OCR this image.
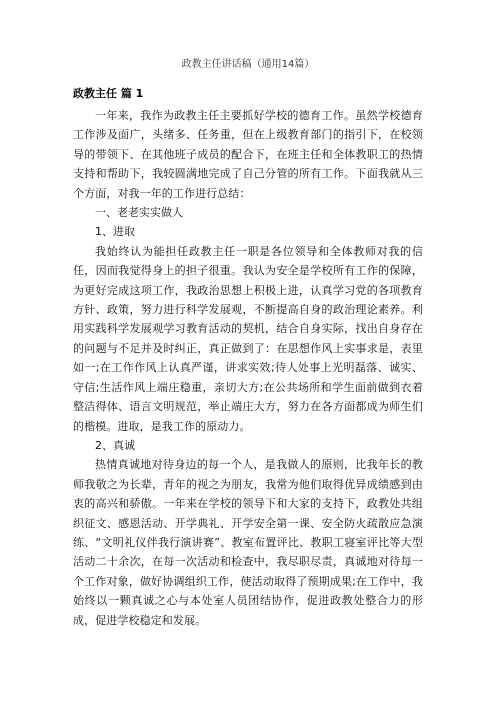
政教主任讲话稿（通用14篇）
政教主任 篇 1

一年来，我作为政教主任主要抓好学校的德育工作。虽然学校德育工作涉及面广，头绪多、任务重，但在上级教育部门的指引下，在校领导的带领下、在其他班子成员的配合下，在班主任和全体教职工的热情支持和帮助下，我较圆满地完成了自己分管的所有工作。下面我就从三个方面，对我一年的工作进行总结：

一、老老实实做人

1、进取

我始终认为能担任政教主任一职是各位领导和全体教师对我的信任，因而我觉得身上的担子很重。我认为安全是学校所有工作的保障，为更好完成这项工作，我政治思想上积极上进，认真学习党的各项教育方针、政策，努力进行科学发展观，不断提高自身的政治理论素养。利用实践科学发展观学习教育活动的契机，结合自身实际，找出自身存在的问题与不足并及时纠正，真正做到了：在思想作风上实事求是，表里如一;在工作作风上认真严谨，讲求实效;待人处事上光明磊落、诚实、守信;生活作风上端庄稳重，亲切大方;在公共场所和学生面前做到衣着整洁得体、语言文明规范，举止端庄大方，努力在各方面都成为师生们的楷模。进取，是我工作的原动力。

2、真诚

热情真诚地对待身边的每一个人，是我做人的原则，比我年长的教师我敬之为长辈，青年的视之为朋友，我常为他们取得优异成绩感到由衷的高兴和骄傲。一年来在学校的领导下和大家的支持下，政教处共组织征文、感恩活动、开学典礼、开学安全第一课、安全防火疏散应急演练、“文明礼仪伴我行演讲赛”、教室布置评比、教职工寝室评比等大型活动二十余次，在每一次活动和检查中，我尽职尽责，真诚地对待每一个工作对象，做好协调组织工作，使活动取得了预期成果;在工作中，我始终以一颗真诚之心与本处室人员团结协作，促进政教处整合力的形成，促进学校稳定和发展。
